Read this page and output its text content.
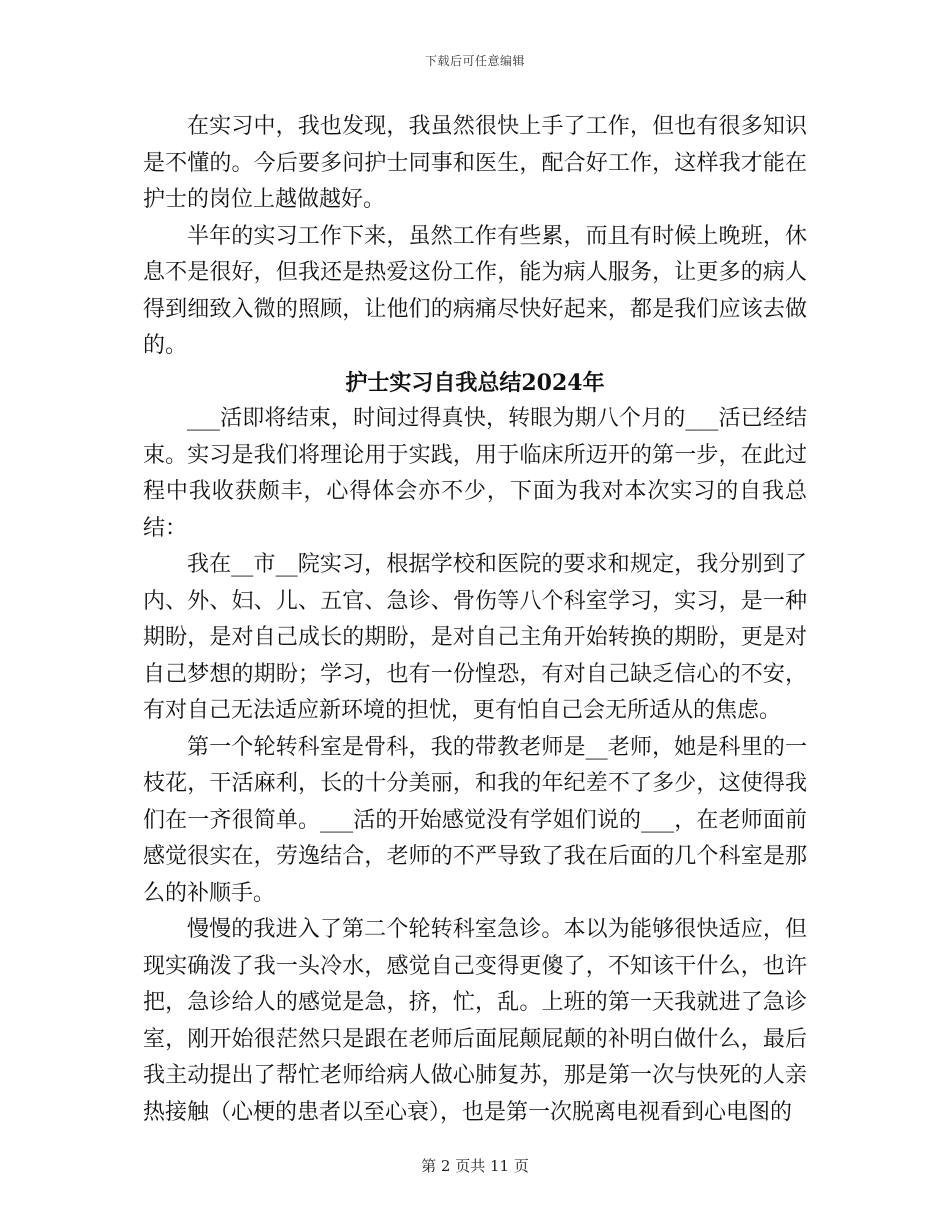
下载后可任意编辑

在实习中，我也发现，我虽然很快上手了工作，但也有很多知识是不懂的。今后要多问护士同事和医生，配合好工作，这样我才能在护士的岗位上越做越好。

半年的实习工作下来，虽然工作有些累，而且有时候上晚班，休息不是很好，但我还是热爱这份工作，能为病人服务，让更多的病人得到细致入微的照顾，让他们的病痛尽快好起来，都是我们应该去做的。

护士实习自我总结2024年

___活即将结束，时间过得真快，转眼为期八个月的___活已经结束。实习是我们将理论用于实践，用于临床所迈开的第一步，在此过程中我收获颇丰，心得体会亦不少，下面为我对本次实习的自我总结：

我在__市__院实习，根据学校和医院的要求和规定，我分别到了内、外、妇、儿、五官、急诊、骨伤等八个科室学习，实习，是一种期盼，是对自己成长的期盼，是对自己主角开始转换的期盼，更是对自己梦想的期盼；学习，也有一份惶恐，有对自己缺乏信心的不安，有对自己无法适应新环境的担忧，更有怕自己会无所适从的焦虑。

第一个轮转科室是骨科，我的带教老师是__老师，她是科里的一枝花，干活麻利，长的十分美丽，和我的年纪差不了多少，这使得我们在一齐很简单。___活的开始感觉没有学姐们说的___，在老师面前感觉很实在，劳逸结合，老师的不严导致了我在后面的几个科室是那么的补顺手。

慢慢的我进入了第二个轮转科室急诊。本以为能够很快适应，但现实确泼了我一头冷水，感觉自己变得更傻了，不知该干什么，也许把，急诊给人的感觉是急，挤，忙，乱。上班的第一天我就进了急诊室，刚开始很茫然只是跟在老师后面屁颠屁颠的补明白做什么，最后我主动提出了帮忙老师给病人做心肺复苏，那是第一次与快死的人亲热接触（心梗的患者以至心衰），也是第一次脱离电视看到心电图的

第 2 页共 11 页
